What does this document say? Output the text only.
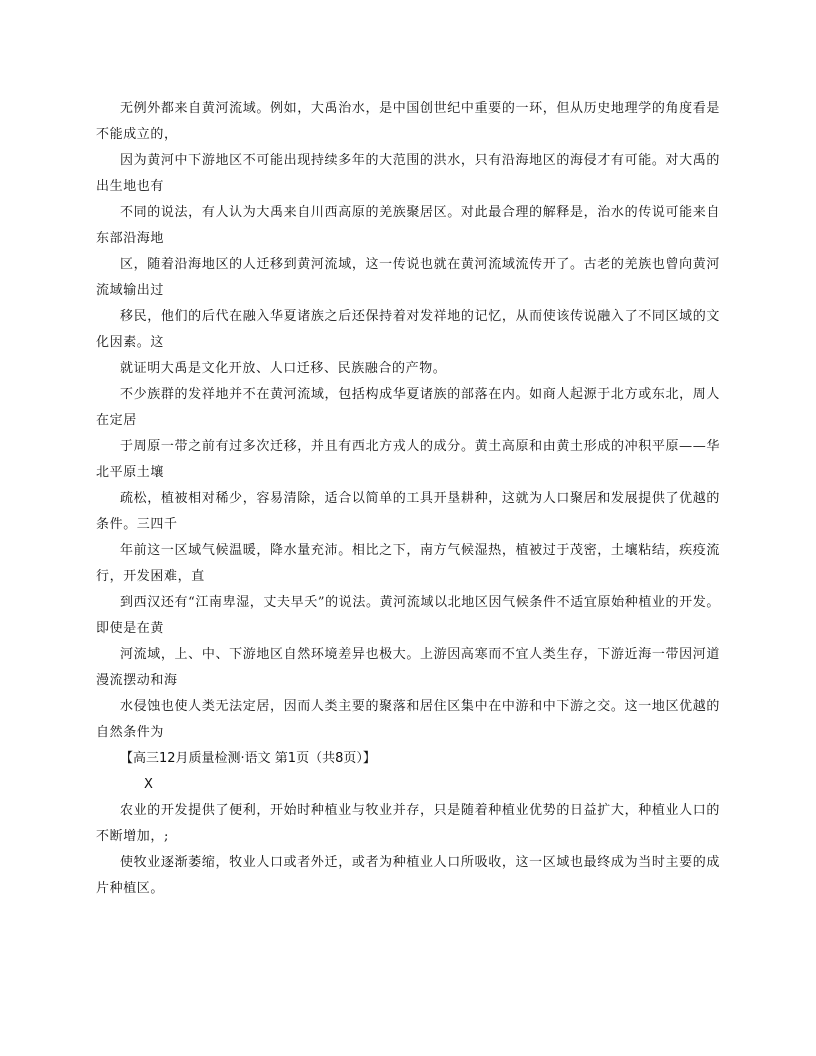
无例外都来自黄河流域。例如，大禹治水，是中国创世纪中重要的一环，但从历史地理学的角度看是不能成立的，

因为黄河中下游地区不可能出现持续多年的大范围的洪水，只有沿海地区的海侵才有可能。对大禹的出生地也有

不同的说法，有人认为大禹来自川西高原的羌族聚居区。对此最合理的解释是，治水的传说可能来自东部沿海地

区，随着沿海地区的人迁移到黄河流域，这一传说也就在黄河流域流传开了。古老的羌族也曾向黄河流域输出过

移民，他们的后代在融入华夏诸族之后还保持着对发祥地的记忆，从而使该传说融入了不同区域的文化因素。这

就证明大禹是文化开放、人口迁移、民族融合的产物。

不少族群的发祥地并不在黄河流域，包括构成华夏诸族的部落在内。如商人起源于北方或东北，周人在定居

于周原一带之前有过多次迁移，并且有西北方戎人的成分。黄土高原和由黄土形成的冲积平原——华北平原土壤

疏松，植被相对稀少，容易清除，适合以简单的工具开垦耕种，这就为人口聚居和发展提供了优越的条件。三四千

年前这一区域气候温暖，降水量充沛。相比之下，南方气候湿热，植被过于茂密，土壤粘结，疾疫流行，开发困难，直

到西汉还有“江南卑湿，丈夫早夭”的说法。黄河流域以北地区因气候条件不适宜原始种植业的开发。即使是在黄

河流域，上、中、下游地区自然环境差异也极大。上游因高寒而不宜人类生存，下游近海一带因河道漫流摆动和海

水侵蚀也使人类无法定居，因而人类主要的聚落和居住区集中在中游和中下游之交。这一地区优越的自然条件为

【高三12月质量检测·语文 第1页（共8页）】

X

农业的开发提供了便利，开始时种植业与牧业并存，只是随着种植业优势的日益扩大，种植业人口的不断增加，;

使牧业逐渐萎缩，牧业人口或者外迁，或者为种植业人口所吸收，这一区域也最终成为当时主要的成片种植区。
